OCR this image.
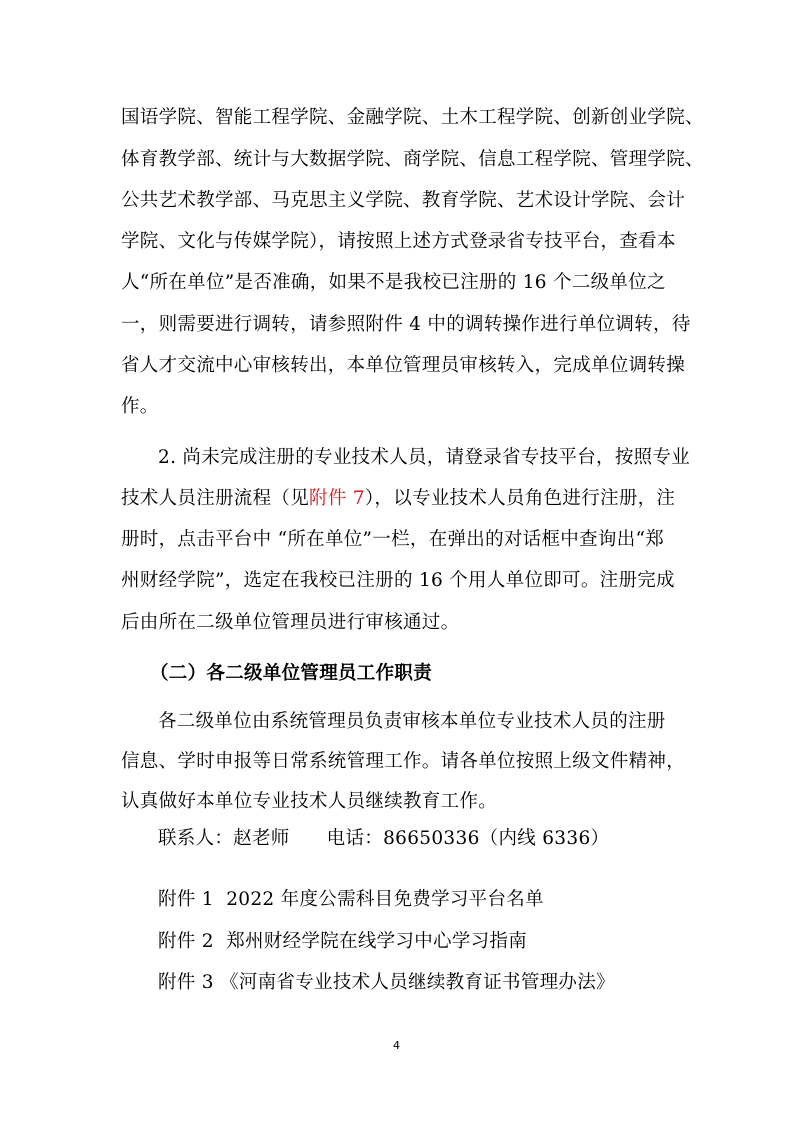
国语学院、智能工程学院、金融学院、土木工程学院、创新创业学院、
体育教学部、统计与大数据学院、商学院、信息工程学院、管理学院、
公共艺术教学部、马克思主义学院、教育学院、艺术设计学院、会计
学院、文化与传媒学院），请按照上述方式登录省专技平台，查看本
人“所在单位”是否准确，如果不是我校已注册的 16 个二级单位之
一，则需要进行调转，请参照附件 4 中的调转操作进行单位调转，待
省人才交流中心审核转出，本单位管理员审核转入，完成单位调转操
作。
2. 尚未完成注册的专业技术人员，请登录省专技平台，按照专业
技术人员注册流程（见附件 7），以专业技术人员角色进行注册，注
册时，点击平台中 “所在单位”一栏，在弹出的对话框中查询出“郑
州财经学院”，选定在我校已注册的 16 个用人单位即可。注册完成
后由所在二级单位管理员进行审核通过。
（二）各二级单位管理员工作职责
各二级单位由系统管理员负责审核本单位专业技术人员的注册
信息、学时申报等日常系统管理工作。请各单位按照上级文件精神，
认真做好本单位专业技术人员继续教育工作。
联系人：赵老师      电话：86650336（内线 6336）
附件 1  2022 年度公需科目免费学习平台名单
附件 2  郑州财经学院在线学习中心学习指南
附件 3 《河南省专业技术人员继续教育证书管理办法》
4
